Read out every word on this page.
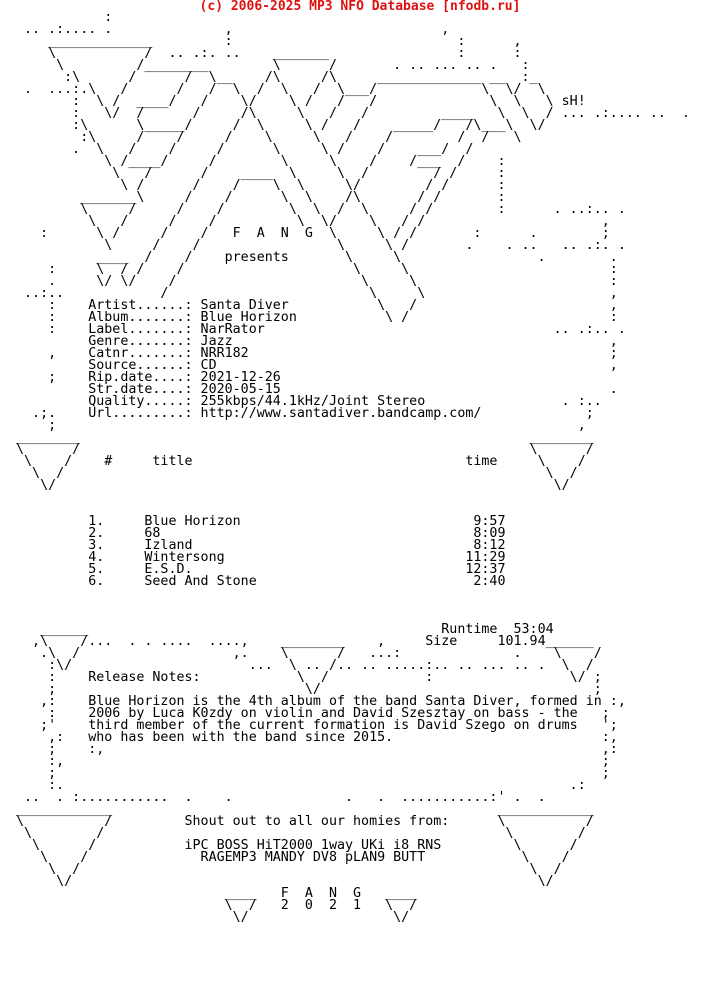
(c) 2006-2025 MP3 NFO Database [nfodb.ru]
:
.. .:.... .              ,                          ,
_____________         :                            :      ,
\           /  .. .:. ..    _______                :      :
\         /________        \      /       . .. ... .. .   :
:\      /      /  \__    /\     /\     _____________ __  :_
.  ...:.\   /      /   /  \  /  \   /  \___/             \  \/  \
:  \ /  ____/   /    \/    \ /   /   /              \  \   \ sH!
:   \/  /      /     /\     \   /   /         ____   \  \  / ... .:.... ..  .
:\      \_____/     /  \     \ /   /    _____/   /\___\  \/
:\     /    /     /    \     \   /    /        /  /   \
.  \   /    /     /      \     \ /    /    ___/  /
\ /____/     /        \     \    /    /___  /    :
\   /      /    ____  \     \  /        / /     :
\ /      /    /    \  \     \/        / /      :
_______\     /    /      \  \    /\       / /       :
\     /     /    /        \  \  /  \     / /        :      . ..:.. .
\   /     /    /          \  \/    \   / /                      ,
:      \ /     /    /   F  A  N  G  \     \ / /       :      .        ;
\     /    /                 \     \ /       .    . ..   .. .:. .
____  /    /    presents       \     \                 .        .
:     \  / /    /                     \     \                         :
.     \/ \/    /                       \     \                        :
..:..            /                         \     \                       ,
:    Artist......: Santa Diver           \   /                        ,
:    Album.......: Blue Horizon           \ /                         :
:    Label.......: NarRator                                    .. .:.. .
Genre.......: Jazz                                               ,
,    Catnr.......: NRR182                                             ;
Source......: CD                                                 ,
;    Rip.date....: 2021-12-26
Str.date....: 2020-05-15                                         .
Quality.....: 255kbps/44.1kHz/Joint Stereo                 . :..
.;.    Url.........: http://www.santadiver.bandcamp.com/             ;
;                                                                 ,
________                                                        ________
\      /                                                        \      /
\    /    #     title                                  time     \    /
\  /                                                            \  /
\/                                                              \/

1.     Blue Horizon                             9:57
2.     68                                       8:09
3.     Izland                                   8:12
4.     Wintersong                              11:29
5.     E.S.D.                                  12:37
6.     Seed And Stone                           2:40

______                                            Runtime  53:04
,\    /...  . . ....  ....,    ________    ,     Size     101.94______
.\  /                   ,.    \      /   ...:              .    \    /
:\/                      ...  \ .. /.. .. .....:.. .. ... .. .  \  /
:    Release Notes:            \  /            :                 \/ ;
;                               \/                                  ;
,:    Blue Horizon is the 4th album of the band Santa Diver, formed in :,
:    2006 by Luca K0zdy on violin and David Szesztay on bass - the   ;
;'    third member of the current formation is David Szego on drums   ';
,:   who has been with the band since 2015.                          :,
;    :,                                                              ,:
:,                                                                   ;
;                                                                    ;
:.                                                               .:
..  . :...........  .    .              .   .  ...........:' .  .
____________                                                ____________
\          /         Shout out to all our homies from:      \          /
\        /                                                  \        /
\      /           iPC BOSS HiT2000 1way UKi i8 RNS         \      /
\    /              RAGEMP3 MANDY DV8 pLAN9 BUTT            \    /
\  /                                                        \  /
\/                                                          \/
____   F  A  N  G   ____
\  /   2  0  2  1   \  /
\/                  \/
